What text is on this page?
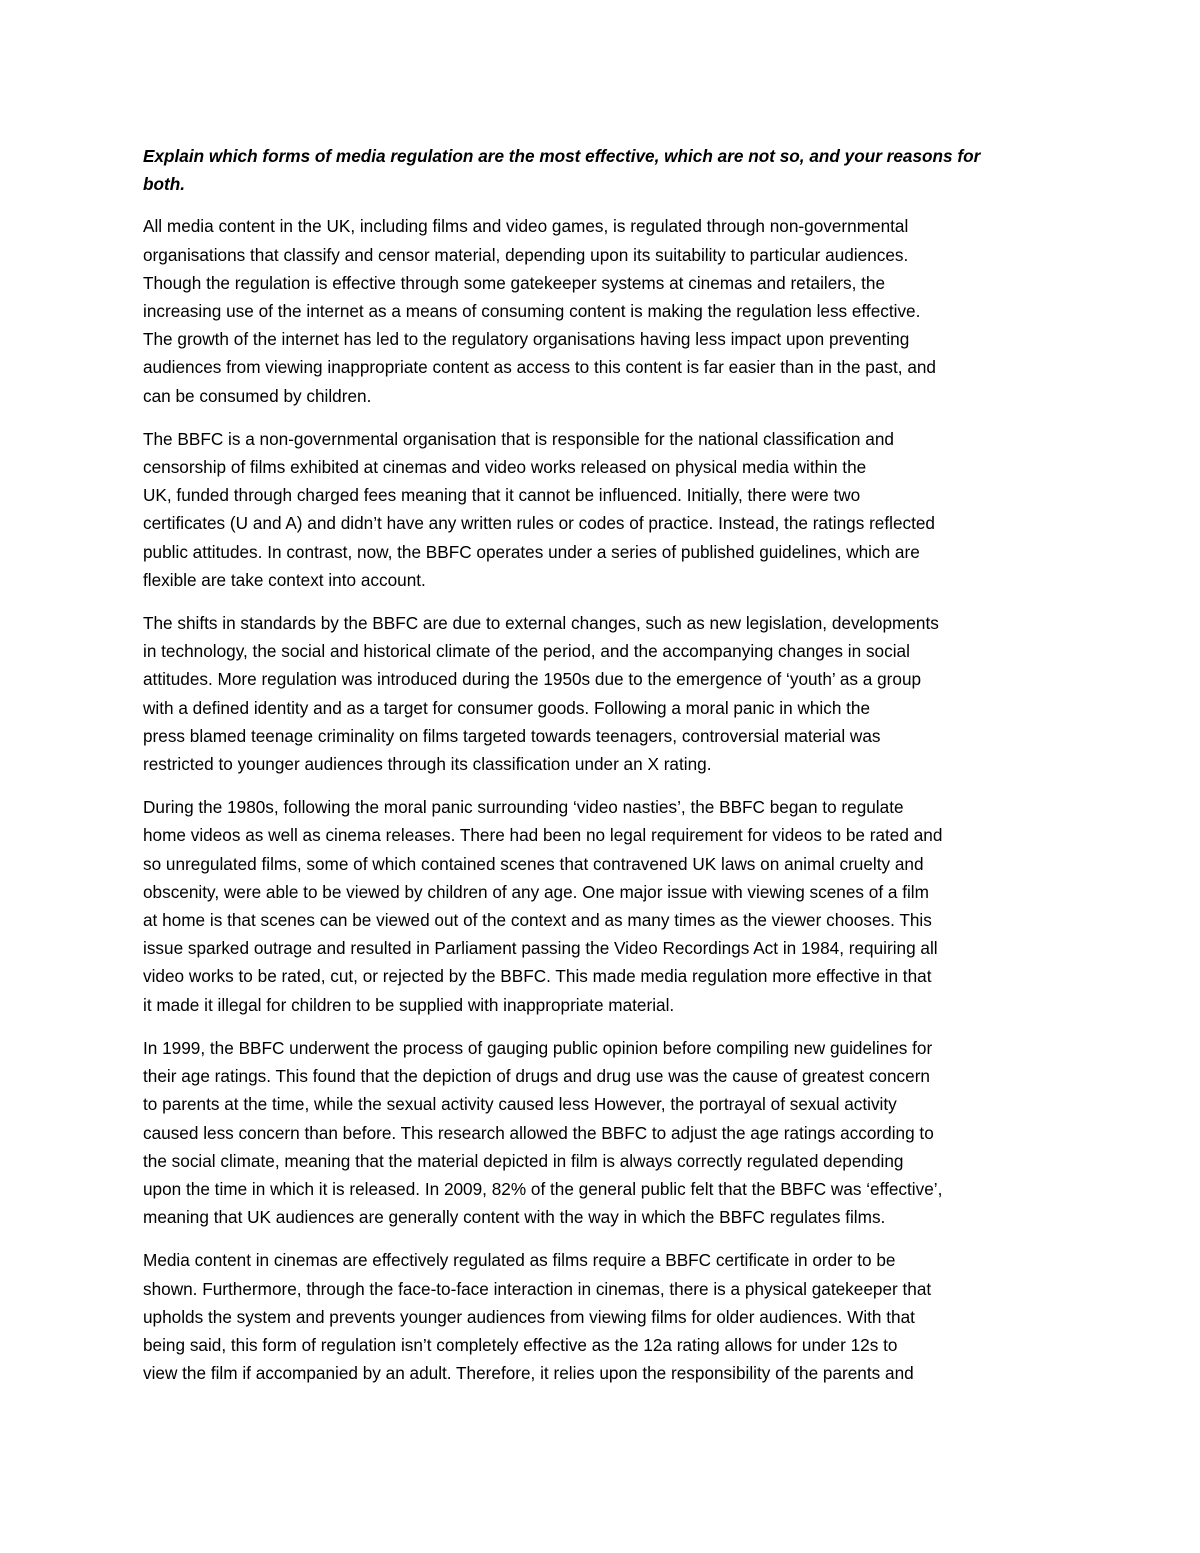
Explain which forms of media regulation are the most effective, which are not so, and your reasons for
both.
All media content in the UK, including films and video games, is regulated through non-governmental
organisations that classify and censor material, depending upon its suitability to particular audiences.
Though the regulation is effective through some gatekeeper systems at cinemas and retailers, the
increasing use of the internet as a means of consuming content is making the regulation less effective.
The growth of the internet has led to the regulatory organisations having less impact upon preventing
audiences from viewing inappropriate content as access to this content is far easier than in the past, and
can be consumed by children.
The BBFC is a non-governmental organisation that is responsible for the national classification and
censorship of films exhibited at cinemas and video works released on physical media within the
UK, funded through charged fees meaning that it cannot be influenced. Initially, there were two
certificates (U and A) and didn’t have any written rules or codes of practice. Instead, the ratings reflected
public attitudes. In contrast, now, the BBFC operates under a series of published guidelines, which are
flexible are take context into account.
The shifts in standards by the BBFC are due to external changes, such as new legislation, developments
in technology, the social and historical climate of the period, and the accompanying changes in social
attitudes. More regulation was introduced during the 1950s due to the emergence of ‘youth’ as a group
with a defined identity and as a target for consumer goods. Following a moral panic in which the
press blamed teenage criminality on films targeted towards teenagers, controversial material was
restricted to younger audiences through its classification under an X rating.
During the 1980s, following the moral panic surrounding ‘video nasties’, the BBFC began to regulate
home videos as well as cinema releases. There had been no legal requirement for videos to be rated and
so unregulated films, some of which contained scenes that contravened UK laws on animal cruelty and
obscenity, were able to be viewed by children of any age. One major issue with viewing scenes of a film
at home is that scenes can be viewed out of the context and as many times as the viewer chooses. This
issue sparked outrage and resulted in Parliament passing the Video Recordings Act in 1984, requiring all
video works to be rated, cut, or rejected by the BBFC. This made media regulation more effective in that
it made it illegal for children to be supplied with inappropriate material.
In 1999, the BBFC underwent the process of gauging public opinion before compiling new guidelines for
their age ratings. This found that the depiction of drugs and drug use was the cause of greatest concern
to parents at the time, while the sexual activity caused less However, the portrayal of sexual activity
caused less concern than before. This research allowed the BBFC to adjust the age ratings according to
the social climate, meaning that the material depicted in film is always correctly regulated depending
upon the time in which it is released. In 2009, 82% of the general public felt that the BBFC was ‘effective’,
meaning that UK audiences are generally content with the way in which the BBFC regulates films.
Media content in cinemas are effectively regulated as films require a BBFC certificate in order to be
shown. Furthermore, through the face-to-face interaction in cinemas, there is a physical gatekeeper that
upholds the system and prevents younger audiences from viewing films for older audiences. With that
being said, this form of regulation isn’t completely effective as the 12a rating allows for under 12s to
view the film if accompanied by an adult. Therefore, it relies upon the responsibility of the parents and
